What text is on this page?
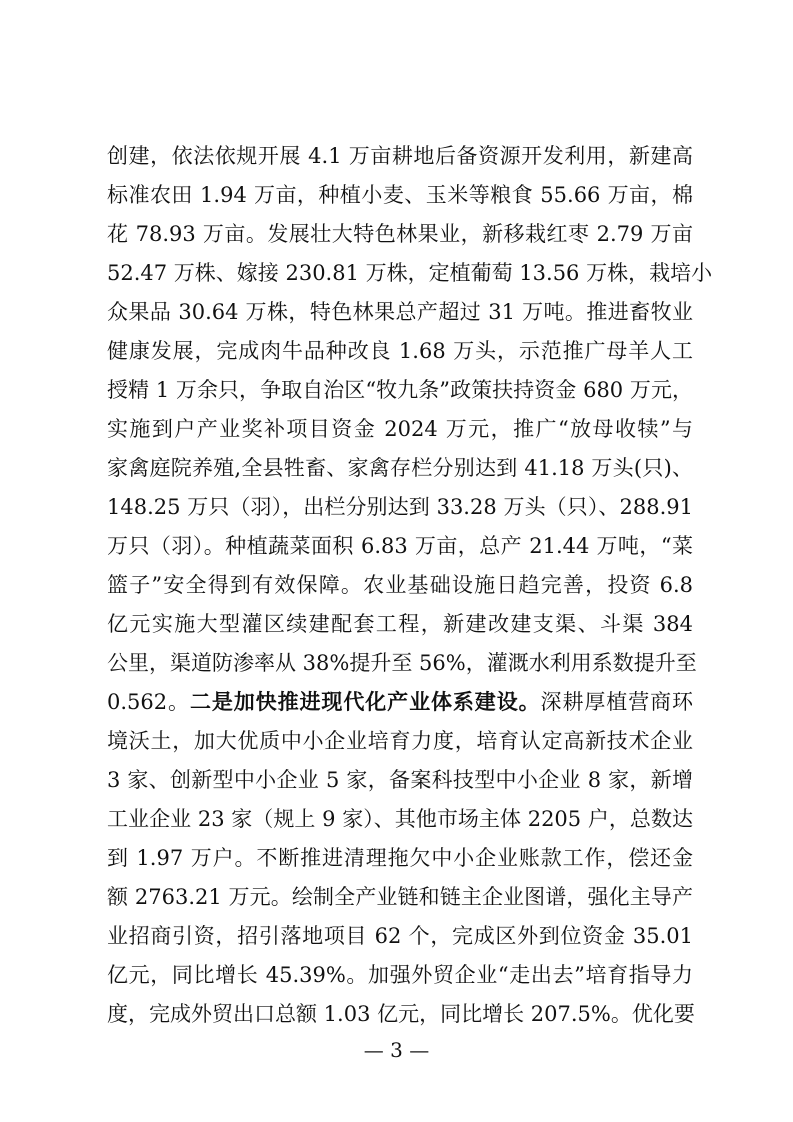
创建，依法依规开展 4.1 万亩耕地后备资源开发利用，新建高
标准农田 1.94 万亩，种植小麦、玉米等粮食 55.66 万亩，棉
花 78.93 万亩。发展壮大特色林果业，新移栽红枣 2.79 万亩
52.47 万株、嫁接 230.81 万株，定植葡萄 13.56 万株，栽培小
众果品 30.64 万株，特色林果总产超过 31 万吨。推进畜牧业
健康发展，完成肉牛品种改良 1.68 万头，示范推广母羊人工
授精 1 万余只，争取自治区“牧九条”政策扶持资金 680 万元，
实施到户产业奖补项目资金 2024 万元，推广“放母收犊”与
家禽庭院养殖,全县牲畜、家禽存栏分别达到 41.18 万头(只)、
148.25 万只（羽），出栏分别达到 33.28 万头（只）、288.91
万只（羽）。种植蔬菜面积 6.83 万亩，总产 21.44 万吨，“菜
篮子”安全得到有效保障。农业基础设施日趋完善，投资 6.8
亿元实施大型灌区续建配套工程，新建改建支渠、斗渠 384
公里，渠道防渗率从 38%提升至 56%，灌溉水利用系数提升至
0.562。二是加快推进现代化产业体系建设。深耕厚植营商环
境沃土，加大优质中小企业培育力度，培育认定高新技术企业
3 家、创新型中小企业 5 家，备案科技型中小企业 8 家，新增
工业企业 23 家（规上 9 家）、其他市场主体 2205 户，总数达
到 1.97 万户。不断推进清理拖欠中小企业账款工作，偿还金
额 2763.21 万元。绘制全产业链和链主企业图谱，强化主导产
业招商引资，招引落地项目 62 个，完成区外到位资金 35.01
亿元，同比增长 45.39%。加强外贸企业“走出去”培育指导力
度，完成外贸出口总额 1.03 亿元，同比增长 207.5%。优化要
— 3 —
